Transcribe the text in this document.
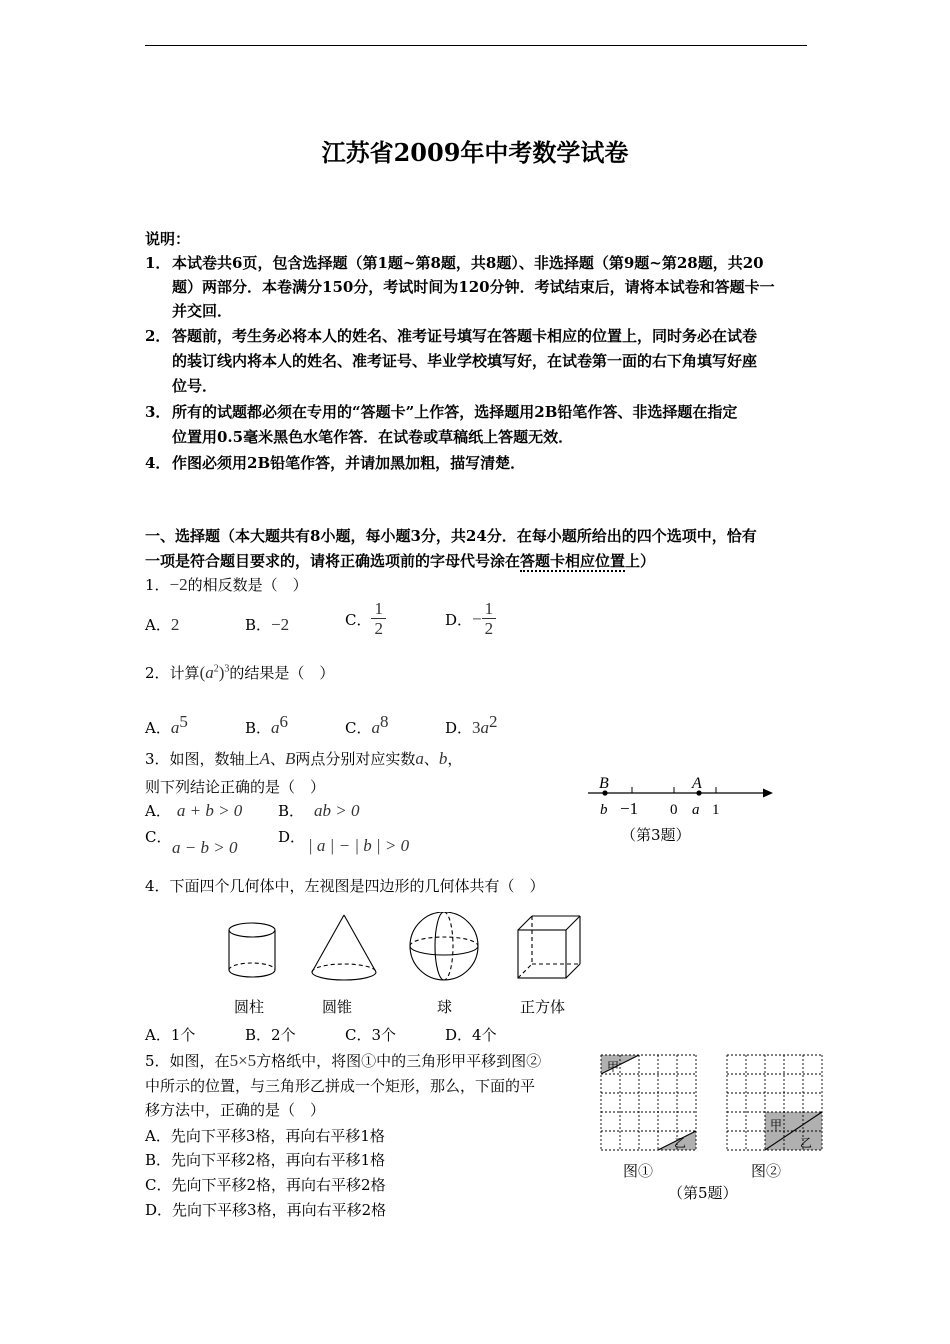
江苏省2009年中考数学试卷
说明：
1． 本试卷共6页，包含选择题（第1题~第8题，共8题）、非选择题（第9题~第28题，共20
题）两部分．本卷满分150分，考试时间为120分钟．考试结束后，请将本试卷和答题卡一
并交回．
2． 答题前，考生务必将本人的姓名、准考证号填写在答题卡相应的位置上，同时务必在试卷
的装订线内将本人的姓名、准考证号、毕业学校填写好，在试卷第一面的右下角填写好座
位号．
3． 所有的试题都必须在专用的“答题卡”上作答，选择题用2B铅笔作答、非选择题在指定
位置用0.5毫米黑色水笔作答．在试卷或草稿纸上答题无效．
4． 作图必须用2B铅笔作答，并请加黑加粗，描写清楚．
一、选择题（本大题共有8小题，每小题3分，共24分．在每小题所给出的四个选项中，恰有
一项是符合题目要求的，请将正确选项前的字母代号涂在答题卡相应位置上）
1．−2的相反数是（　）
A．2	B．−2	C． $\frac{1}{2}$	D．− $\frac{1}{2}$
2．计算$(a^2)^3$的结果是（　）
A．$a^5$	B．$a^6$	C．$a^8$	D．$3a^2$
3．如图，数轴上A、B两点分别对应实数a、b，
则下列结论正确的是（　）
A． a + b > 0 B． ab > 0
C．
a − b > 0
D． | a | − | b | > 0
B	A
b −1 0 a 1
（第3题）
4．下面四个几何体中，左视图是四边形的几何体共有（　）
圆柱	圆锥	球	正方体
A．1个	B．2个	C．3个	D．4个
5．如图，在5×5方格纸中，将图①中的三角形甲平移到图②
中所示的位置，与三角形乙拼成一个矩形，那么，下面的平
移方法中，正确的是（　）
A．先向下平移3格，再向右平移1格
B．先向下平移2格，再向右平移1格
C．先向下平移2格，再向右平移2格
D．先向下平移3格，再向右平移2格
甲
乙
甲
乙
图①	图②
（第5题）
